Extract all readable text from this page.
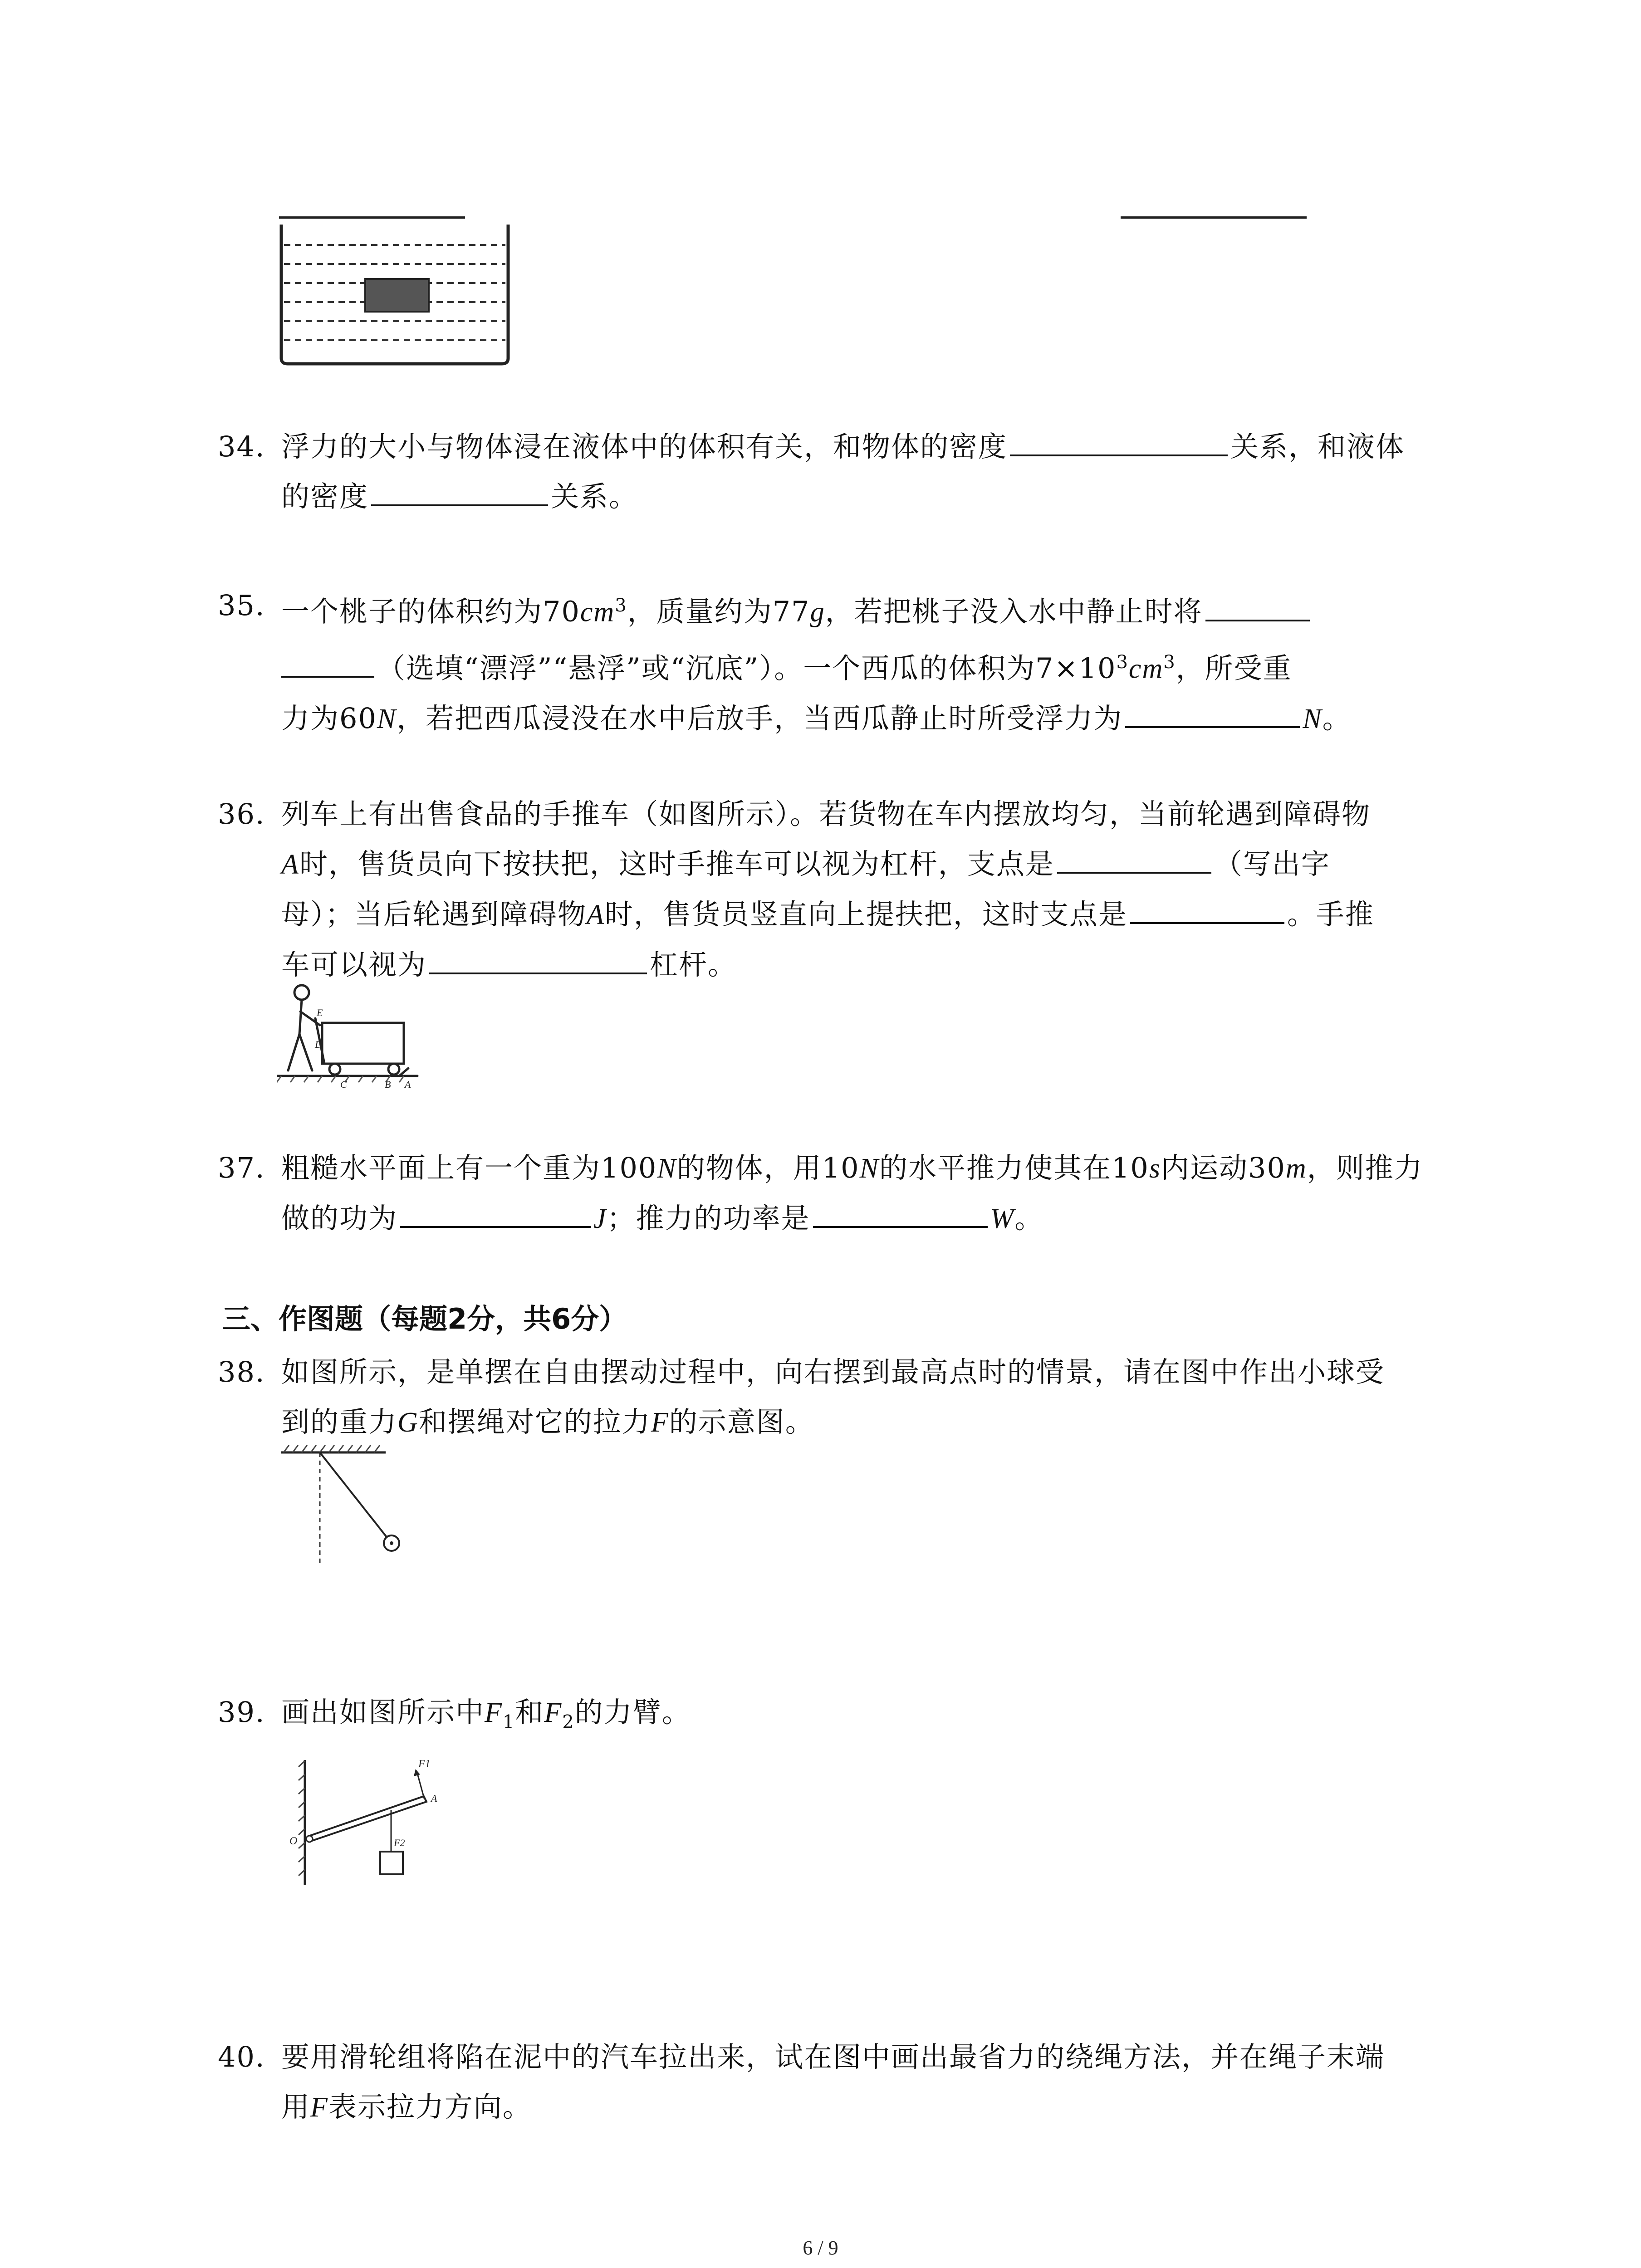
34. 浮力的大小与物体浸在液体中的体积有关，和物体的密度	关系，和液体
的密度	关系。
35. 一个桃子的体积约为$70cm^3$，质量约为77g，若把桃子没入水中静止时将
（选填“漂浮”“悬浮”或“沉底”）。一个西瓜的体积为$7\times 10^3cm^3$，所受重
力为60N，若把西瓜浸没在水中后放手，当西瓜静止时所受浮力为	N。
36. 列车上有出售食品的手推车（如图所示）。若货物在车内摆放均匀，当前轮遇到障碍物
A时，售货员向下按扶把，这时手推车可以视为杠杆，支点是	（写出字
母）；当后轮遇到障碍物A时，售货员竖直向上提扶把，这时支点是	。手推
车可以视为	杠杆。
E
D
C	B A
37. 粗糙水平面上有一个重为100N的物体，用10N的水平推力使其在10s内运动30m，则推力
做的功为	J；推力的功率是	W。
三、作图题（每题2分，共6分）
38. 如图所示，是单摆在自由摆动过程中，向右摆到最高点时的情景，请在图中作出小球受
到的重力G和摆绳对它的拉力F的示意图。
39. 画出如图所示中$F_1$和$F_2$的力臂。
F1
A
F2
O
40. 要用滑轮组将陷在泥中的汽车拉出来，试在图中画出最省力的绕绳方法，并在绳子末端
用F表示拉力方向。
6 / 9
